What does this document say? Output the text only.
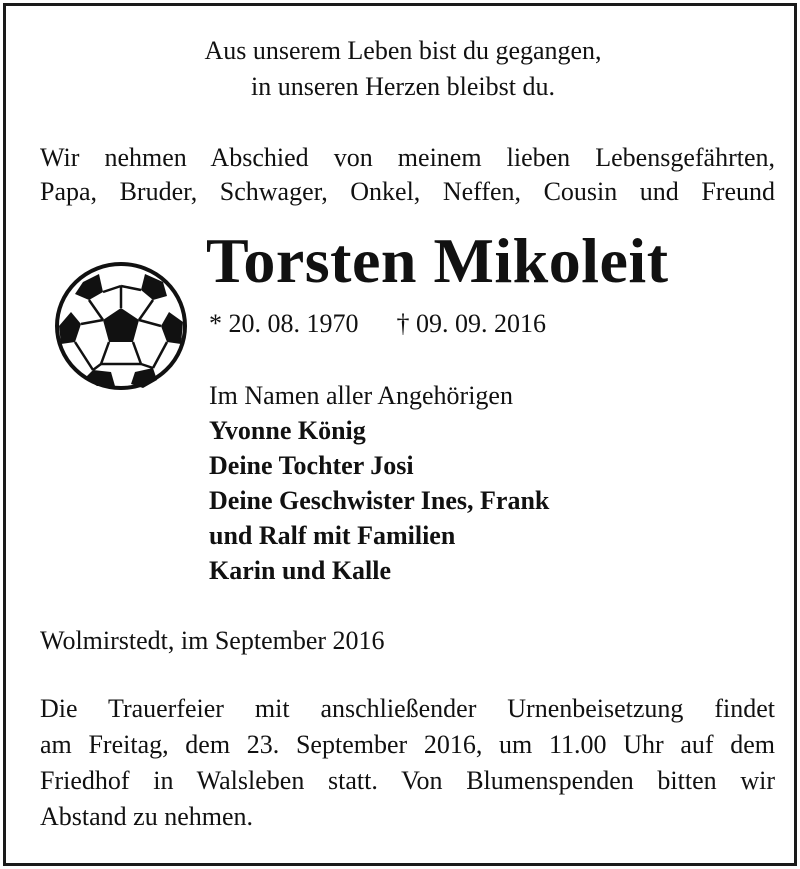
Aus unserem Leben bist du gegangen,
in unseren Herzen bleibst du.
Wir nehmen Abschied von meinem lieben Lebensgefährten,
Papa, Bruder, Schwager, Onkel, Neffen, Cousin und Freund
Torsten Mikoleit
* 20. 08. 1970 † 09. 09. 2016
Im Namen aller Angehörigen
Yvonne König
Deine Tochter Josi
Deine Geschwister Ines, Frank
und Ralf mit Familien
Karin und Kalle
Wolmirstedt, im September 2016
Die Trauerfeier mit anschließender Urnenbeisetzung findet
am Freitag, dem 23. September 2016, um 11.00 Uhr auf dem
Friedhof in Walsleben statt. Von Blumenspenden bitten wir
Abstand zu nehmen.
